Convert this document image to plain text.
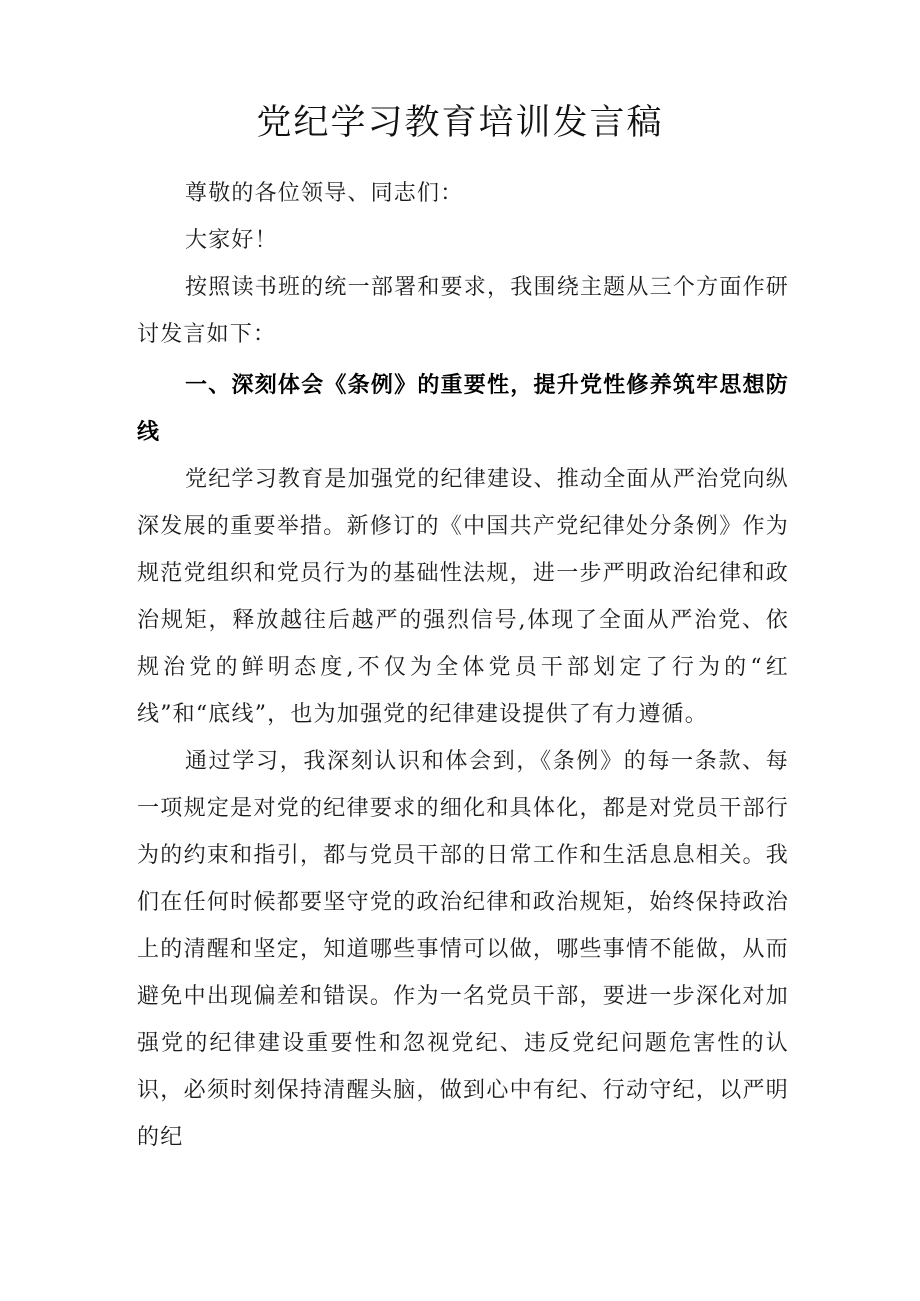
党纪学习教育培训发言稿

尊敬的各位领导、同志们：

大家好！

按照读书班的统一部署和要求，我围绕主题从三个方面作研讨发言如下：

一、深刻体会《条例》的重要性，提升党性修养筑牢思想防线

党纪学习教育是加强党的纪律建设、推动全面从严治党向纵深发展的重要举措。新修订的《中国共产党纪律处分条例》作为规范党组织和党员行为的基础性法规，进一步严明政治纪律和政治规矩，释放越往后越严的强烈信号,体现了全面从严治党、依规治党的鲜明态度,不仅为全体党员干部划定了行为的“红线”和“底线”，也为加强党的纪律建设提供了有力遵循。

通过学习，我深刻认识和体会到，《条例》的每一条款、每一项规定是对党的纪律要求的细化和具体化，都是对党员干部行为的约束和指引，都与党员干部的日常工作和生活息息相关。我们在任何时候都要坚守党的政治纪律和政治规矩，始终保持政治上的清醒和坚定，知道哪些事情可以做，哪些事情不能做，从而避免中出现偏差和错误。作为一名党员干部，要进一步深化对加强党的纪律建设重要性和忽视党纪、违反党纪问题危害性的认识，必须时刻保持清醒头脑，做到心中有纪、行动守纪，以严明的纪
